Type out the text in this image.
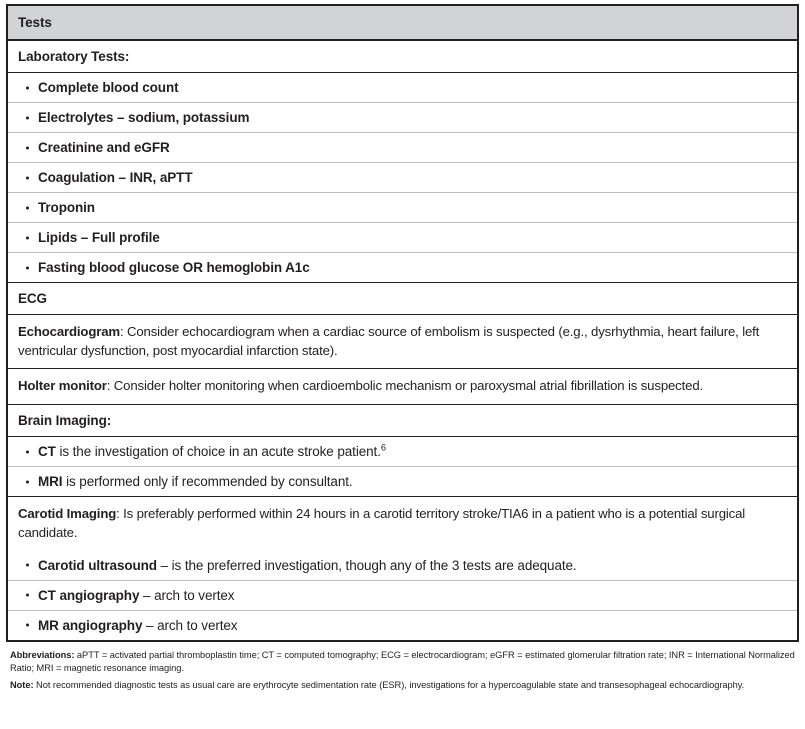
Tests
Laboratory Tests:
Complete blood count
Electrolytes – sodium, potassium
Creatinine and eGFR
Coagulation – INR, aPTT
Troponin
Lipids – Full profile
Fasting blood glucose OR hemoglobin A1c
ECG
Echocardiogram: Consider echocardiogram when a cardiac source of embolism is suspected (e.g., dysrhythmia, heart failure, left ventricular dysfunction, post myocardial infarction state).
Holter monitor: Consider holter monitoring when cardioembolic mechanism or paroxysmal atrial fibrillation is suspected.
Brain Imaging:
CT is the investigation of choice in an acute stroke patient.$^6$
MRI is performed only if recommended by consultant.
Carotid Imaging: Is preferably performed within 24 hours in a carotid territory stroke/TIA6 in a patient who is a potential surgical candidate.
Carotid ultrasound – is the preferred investigation, though any of the 3 tests are adequate.
CT angiography – arch to vertex
MR angiography – arch to vertex
Abbreviations: aPTT = activated partial thromboplastin time; CT = computed tomography; ECG = electrocardiogram; eGFR = estimated glomerular filtration rate; INR = International Normalized Ratio; MRI = magnetic resonance imaging.
Note: Not recommended diagnostic tests as usual care are erythrocyte sedimentation rate (ESR), investigations for a hypercoagulable state and transesophageal echocardiography.
